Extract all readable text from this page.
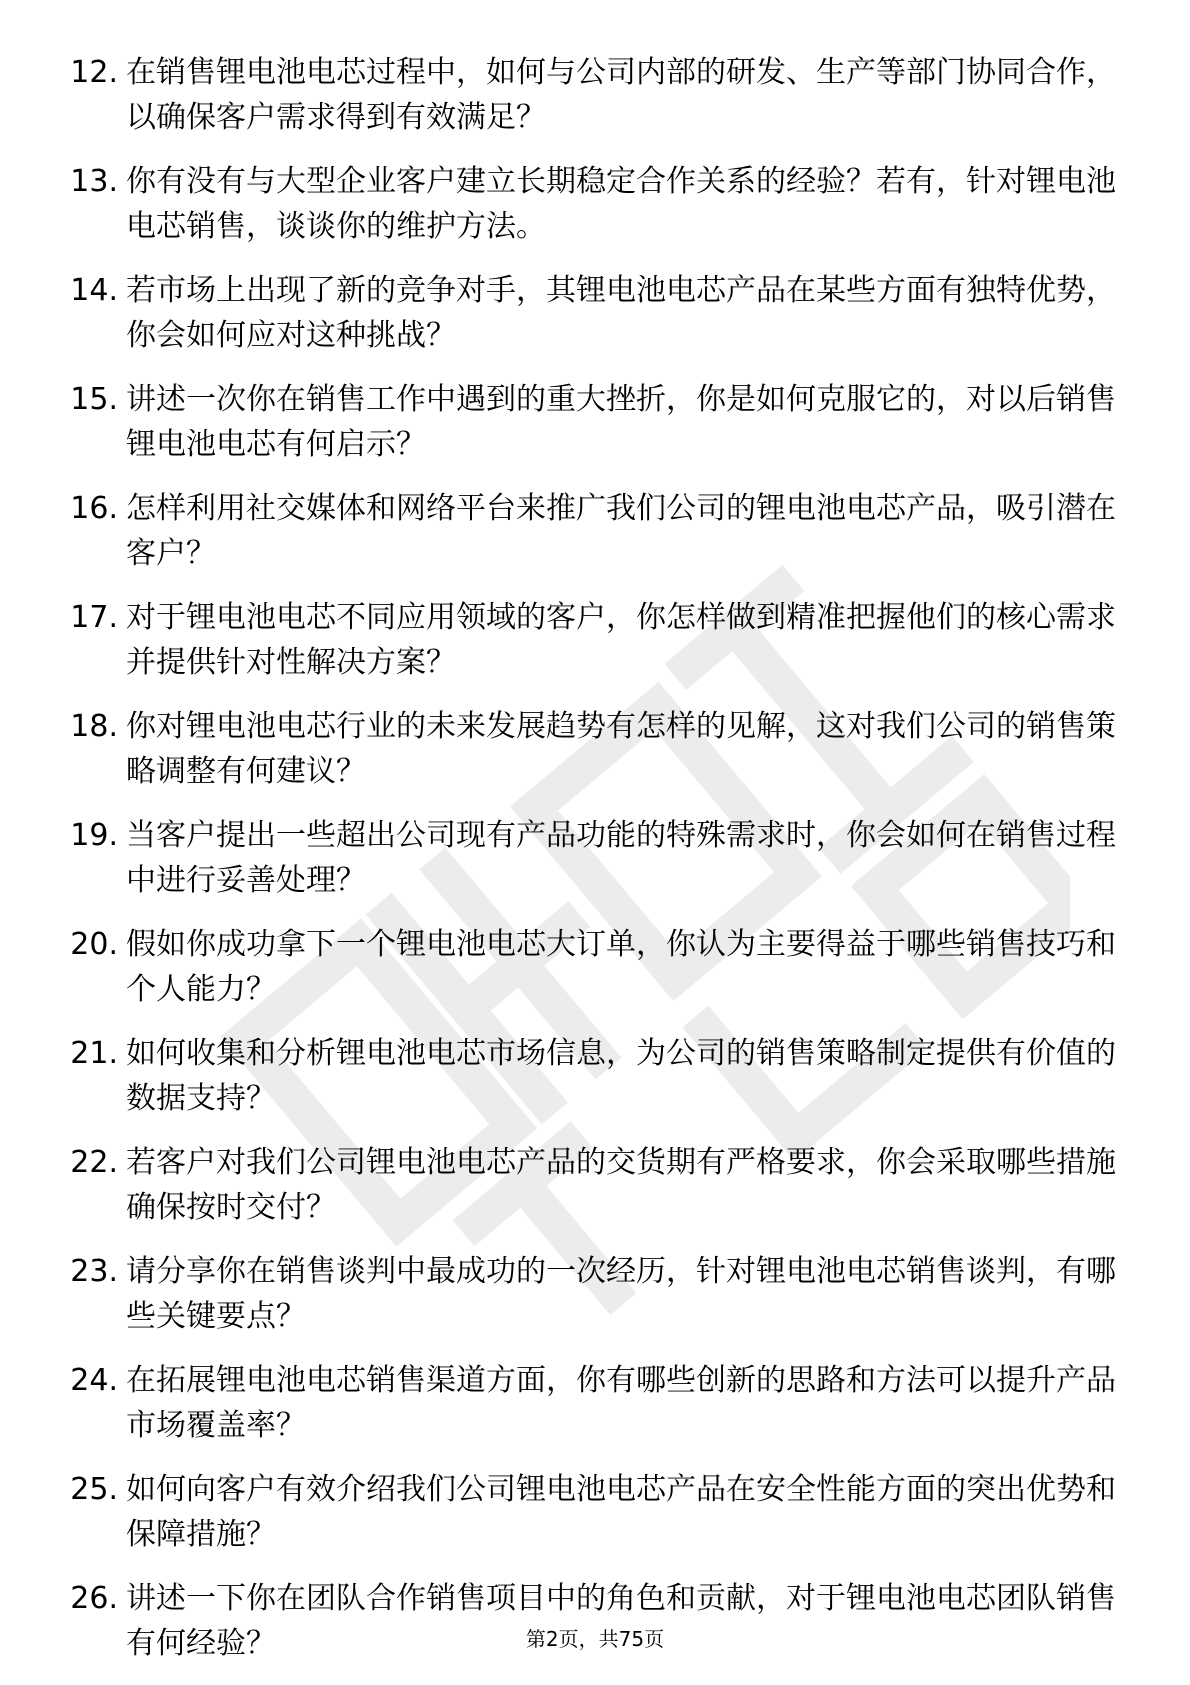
12. 在销售锂电池电芯过程中，如何与公司内部的研发、生产等部门协同合作，以确保客户需求得到有效满足？
13. 你有没有与大型企业客户建立长期稳定合作关系的经验？若有，针对锂电池电芯销售，谈谈你的维护方法。
14. 若市场上出现了新的竞争对手，其锂电池电芯产品在某些方面有独特优势，你会如何应对这种挑战？
15. 讲述一次你在销售工作中遇到的重大挫折，你是如何克服它的，对以后销售锂电池电芯有何启示？
16. 怎样利用社交媒体和网络平台来推广我们公司的锂电池电芯产品，吸引潜在客户？
17. 对于锂电池电芯不同应用领域的客户，你怎样做到精准把握他们的核心需求并提供针对性解决方案？
18. 你对锂电池电芯行业的未来发展趋势有怎样的见解，这对我们公司的销售策略调整有何建议？
19. 当客户提出一些超出公司现有产品功能的特殊需求时，你会如何在销售过程中进行妥善处理？
20. 假如你成功拿下一个锂电池电芯大订单，你认为主要得益于哪些销售技巧和个人能力？
21. 如何收集和分析锂电池电芯市场信息，为公司的销售策略制定提供有价值的数据支持？
22. 若客户对我们公司锂电池电芯产品的交货期有严格要求，你会采取哪些措施确保按时交付？
23. 请分享你在销售谈判中最成功的一次经历，针对锂电池电芯销售谈判，有哪些关键要点？
24. 在拓展锂电池电芯销售渠道方面，你有哪些创新的思路和方法可以提升产品市场覆盖率？
25. 如何向客户有效介绍我们公司锂电池电芯产品在安全性能方面的突出优势和保障措施？
26. 讲述一下你在团队合作销售项目中的角色和贡献，对于锂电池电芯团队销售有何经验？	第2页，共75页
